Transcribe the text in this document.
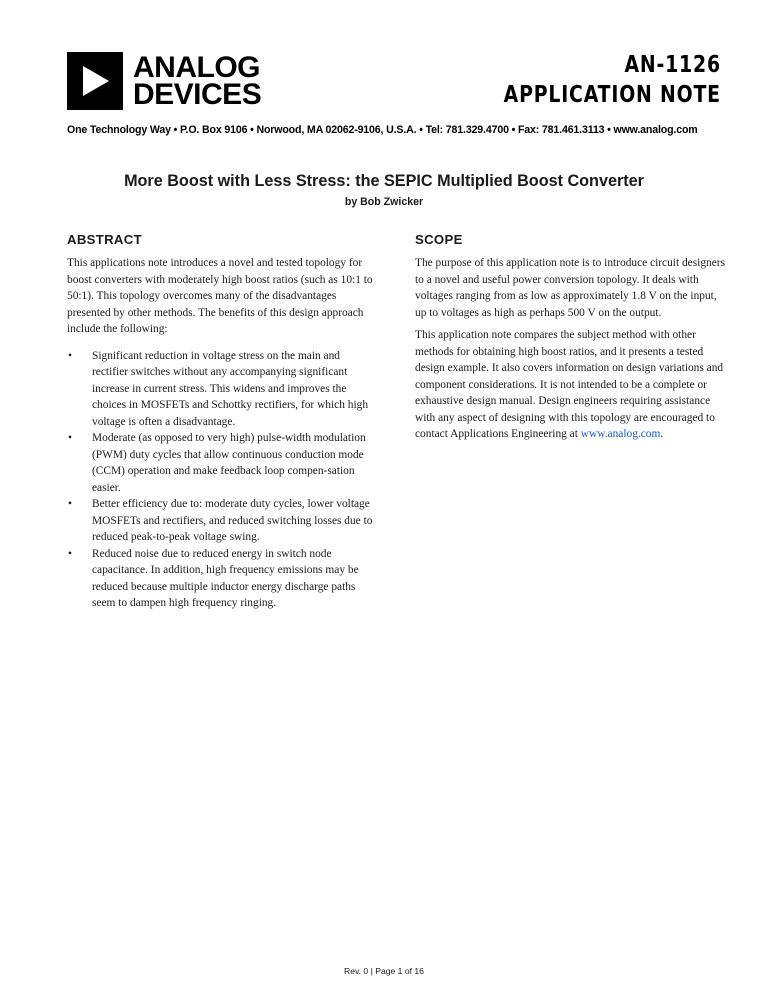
ANALOG
DEVICES
AN-1126
APPLICATION NOTE
One Technology Way • P.O. Box 9106 • Norwood, MA 02062-9106, U.S.A. • Tel: 781.329.4700 • Fax: 781.461.3113 • www.analog.com
More Boost with Less Stress: the SEPIC Multiplied Boost Converter
by Bob Zwicker
ABSTRACT

This applications note introduces a novel and tested topology for boost converters with moderately high boost ratios (such as 10:1 to 50:1). This topology overcomes many of the disadvantages presented by other methods. The benefits of this design approach include the following:

• Significant reduction in voltage stress on the main and rectifier switches without any accompanying significant increase in current stress. This widens and improves the choices in MOSFETs and Schottky rectifiers, for which high voltage is often a disadvantage.
• Moderate (as opposed to very high) pulse-width modulation (PWM) duty cycles that allow continuous conduction mode (CCM) operation and make feedback loop compen-sation easier.
• Better efficiency due to: moderate duty cycles, lower voltage MOSFETs and rectifiers, and reduced switching losses due to reduced peak-to-peak voltage swing.
• Reduced noise due to reduced energy in switch node capacitance. In addition, high frequency emissions may be reduced because multiple inductor energy discharge paths seem to dampen high frequency ringing.
SCOPE

The purpose of this application note is to introduce circuit designers to a novel and useful power conversion topology. It deals with voltages ranging from as low as approximately 1.8 V on the input, up to voltages as high as perhaps 500 V on the output.

This application note compares the subject method with other methods for obtaining high boost ratios, and it presents a tested design example. It also covers information on design variations and component considerations. It is not intended to be a complete or exhaustive design manual. Design engineers requiring assistance with any aspect of designing with this topology are encouraged to contact Applications Engineering at www.analog.com.

Rev. 0 | Page 1 of 16
